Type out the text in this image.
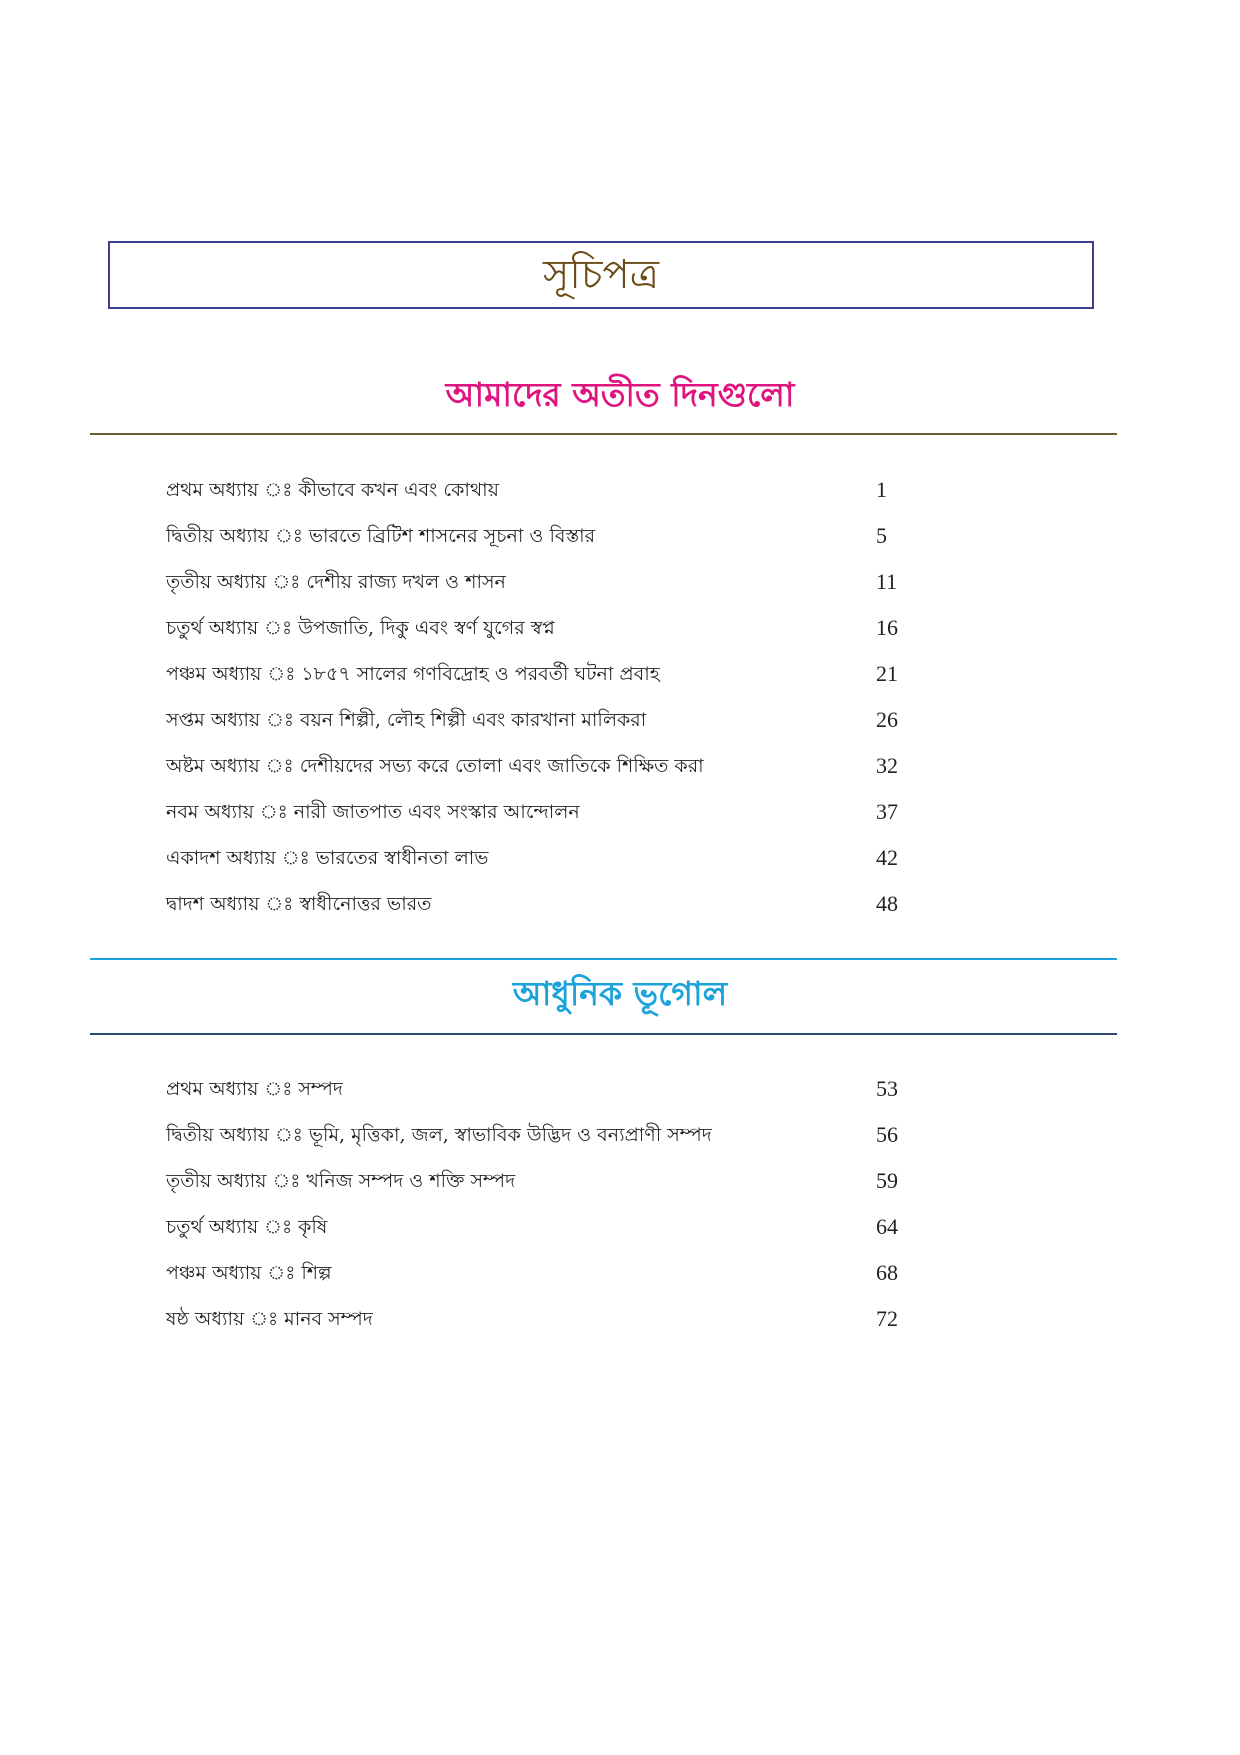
সূচিপত্র
আমাদের অতীত দিনগুলো
প্রথম অধ্যায় ঃ কীভাবে কখন এবং কোথায়	1
দ্বিতীয় অধ্যায় ঃ ভারতে ব্রিটিশ শাসনের সূচনা ও বিস্তার	5
তৃতীয় অধ্যায় ঃ দেশীয় রাজ্য দখল ও শাসন	11
চতুর্থ অধ্যায় ঃ উপজাতি, দিকু এবং স্বর্ণ যুগের স্বপ্ন	16
পঞ্চম অধ্যায় ঃ ১৮৫৭ সালের গণবিদ্রোহ ও পরবর্তী ঘটনা প্রবাহ	21
সপ্তম অধ্যায় ঃ বয়ন শিল্পী, লৌহ শিল্পী এবং কারখানা মালিকরা	26
অষ্টম অধ্যায় ঃ দেশীয়দের সভ্য করে তোলা এবং জাতিকে শিক্ষিত করা	32
নবম অধ্যায় ঃ নারী জাতপাত এবং সংস্কার আন্দোলন	37
একাদশ অধ্যায় ঃ ভারতের স্বাধীনতা লাভ	42
দ্বাদশ অধ্যায় ঃ স্বাধীনোত্তর ভারত	48
আধুনিক ভূগোল
প্রথম অধ্যায় ঃ সম্পদ	53
দ্বিতীয় অধ্যায় ঃ ভূমি, মৃত্তিকা, জল, স্বাভাবিক উদ্ভিদ ও বন্যপ্রাণী সম্পদ	56
তৃতীয় অধ্যায় ঃ খনিজ সম্পদ ও শক্তি সম্পদ	59
চতুর্থ অধ্যায় ঃ কৃষি	64
পঞ্চম অধ্যায় ঃ শিল্প	68
ষষ্ঠ অধ্যায় ঃ মানব সম্পদ	72
